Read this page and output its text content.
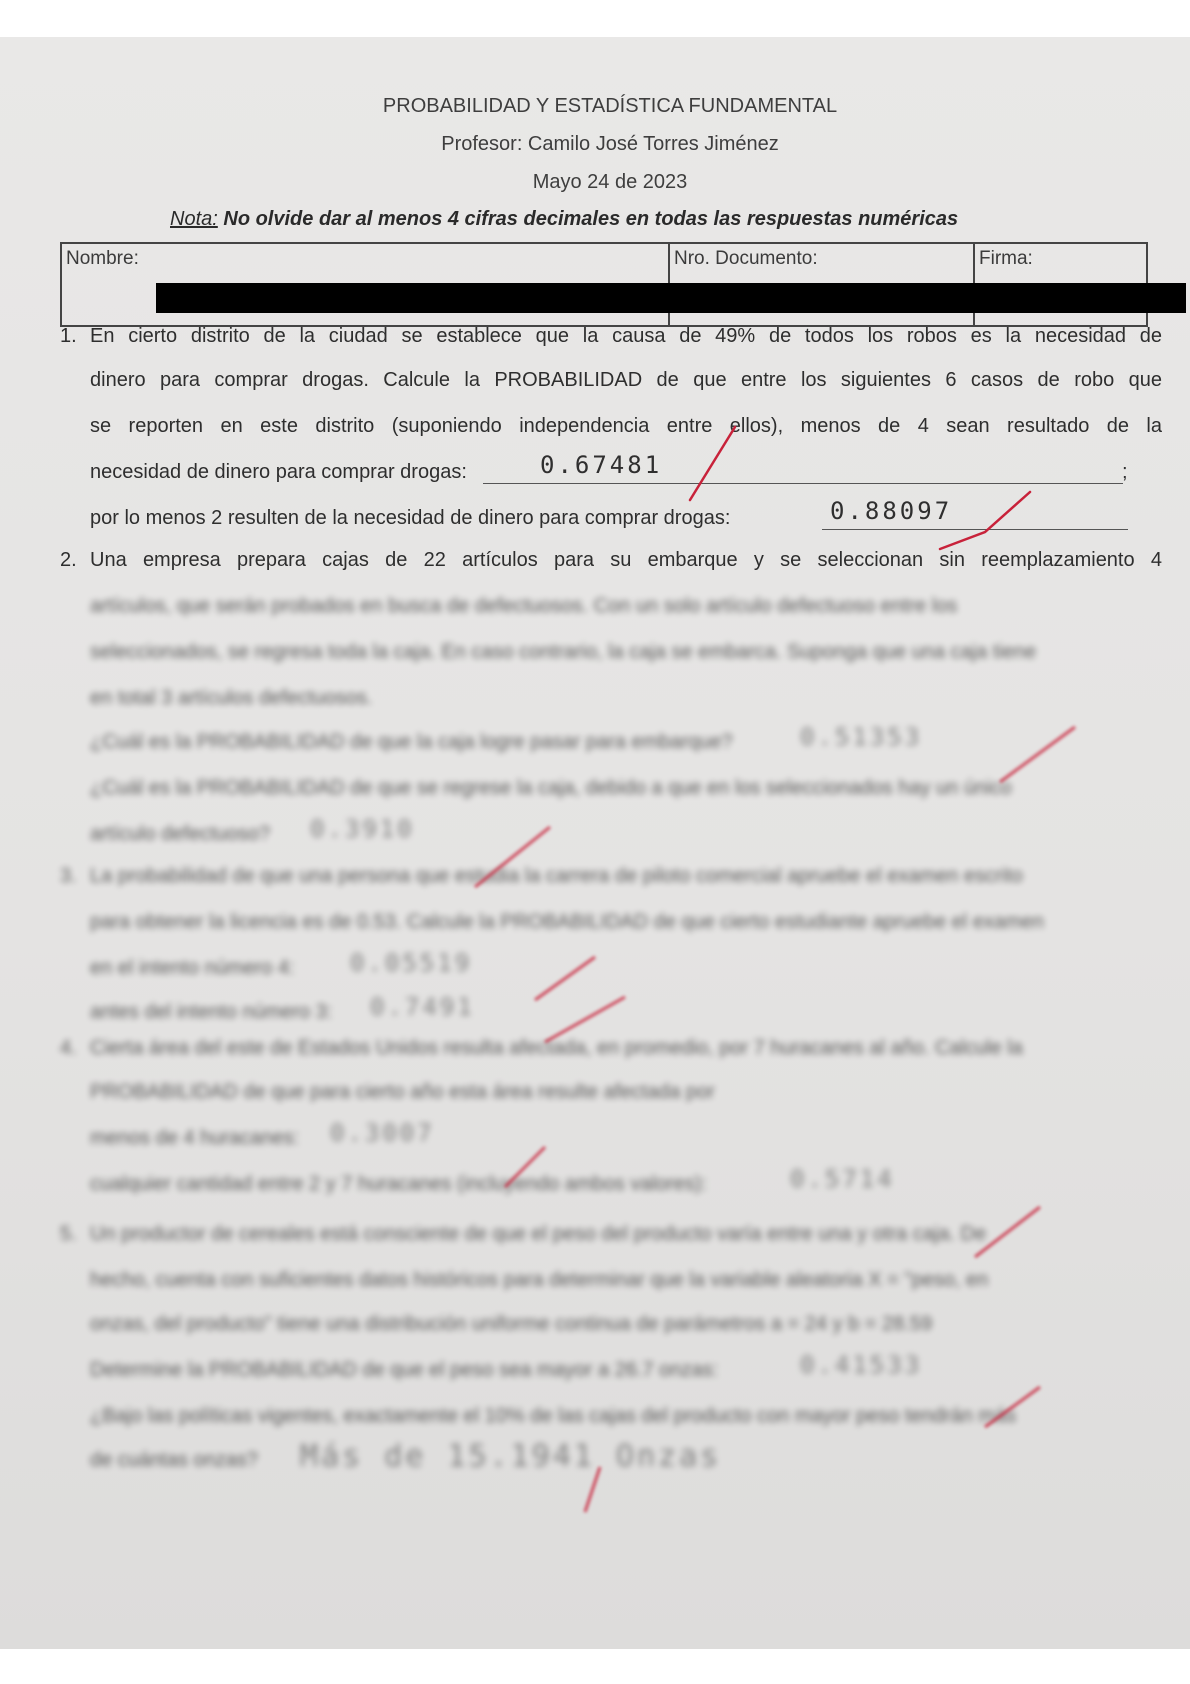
PROBABILIDAD Y ESTADÍSTICA FUNDAMENTAL
Profesor: Camilo José Torres Jiménez
Mayo 24 de 2023
Nota: No olvide dar al menos 4 cifras decimales en todas las respuestas numéricas
Nombre:	Nro. Documento:	Firma:
1. En cierto distrito de la ciudad se establece que la causa de 49% de todos los robos es la necesidad de
dinero para comprar drogas. Calcule la PROBABILIDAD de que entre los siguientes 6 casos de robo que
se reporten en este distrito (suponiendo independencia entre ellos), menos de 4 sean resultado de la
necesidad de dinero para comprar drogas:	0.67481	;
por lo menos 2 resulten de la necesidad de dinero para comprar drogas:	0.88097
2. Una empresa prepara cajas de 22 artículos para su embarque y se seleccionan sin reemplazamiento 4
artículos, que serán probados en busca de defectuosos. Con un solo artículo defectuoso entre los
seleccionados, se regresa toda la caja. En caso contrario, la caja se embarca. Suponga que una caja tiene
en total 3 artículos defectuosos.
¿Cuál es la PROBABILIDAD de que la caja logre pasar para embarque?	0.51353
¿Cuál es la PROBABILIDAD de que se regrese la caja, debido a que en los seleccionados hay un único
artículo defectuoso? 0.3910
3. La probabilidad de que una persona que estudia la carrera de piloto comercial apruebe el examen escrito
para obtener la licencia es de 0.53. Calcule la PROBABILIDAD de que cierto estudiante apruebe el examen
en el intento número 4: 0.05519
antes del intento número 3: 0.7491
4. Cierta área del este de Estados Unidos resulta afectada, en promedio, por 7 huracanes al año. Calcule la
PROBABILIDAD de que para cierto año esta área resulte afectada por
menos de 4 huracanes: 0.3007
cualquier cantidad entre 2 y 7 huracanes (incluyendo ambos valores):	0.5714
5. Un productor de cereales está consciente de que el peso del producto varía entre una y otra caja. De
hecho, cuenta con suficientes datos históricos para determinar que la variable aleatoria X = "peso, en
onzas, del producto" tiene una distribución uniforme continua de parámetros a = 24 y b = 28.59
Determine la PROBABILIDAD de que el peso sea mayor a 26.7 onzas:	0.41533
¿Bajo las políticas vigentes, exactamente el 10% de las cajas del producto con mayor peso tendrán más
de cuántas onzas? Más de 15.1941 Onzas
